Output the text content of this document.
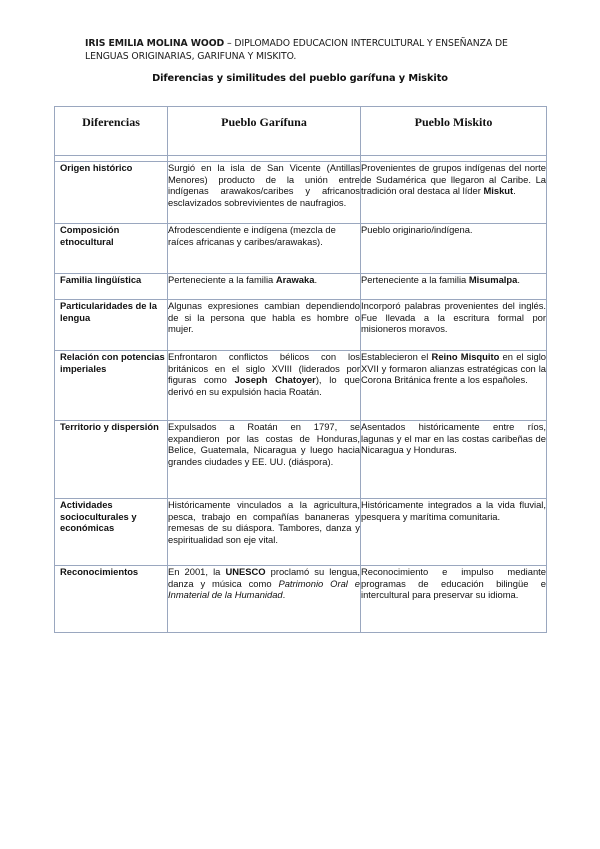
IRIS EMILIA MOLINA WOOD – DIPLOMADO EDUCACION INTERCULTURAL Y ENSEÑANZA DE
LENGUAS ORIGINARIAS, GARIFUNA Y MISKITO.
Diferencias y similitudes del pueblo garífuna y Miskito
Diferencias	Pueblo Garífuna	Pueblo Miskito

Origen histórico	Surgió en la isla de San Vicente (Antillas Menores) producto de la unión entre indígenas arawakos/caribes y africanos esclavizados sobrevivientes de naufragios.	Provenientes de grupos indígenas del norte de Sudamérica que llegaron al Caribe. La tradición oral destaca al líder Miskut.
Composición etnocultural	Afrodescendiente e indígena (mezcla de raíces africanas y caribes/arawakas).	Pueblo originario/indígena.
Familia lingüística	Perteneciente a la familia Arawaka.	Perteneciente a la familia Misumalpa.
Particularidades de la lengua	Algunas expresiones cambian dependiendo de si la persona que habla es hombre o mujer.	Incorporó palabras provenientes del inglés. Fue llevada a la escritura formal por misioneros moravos.
Relación con potencias imperiales	Enfrontaron conflictos bélicos con los británicos en el siglo XVIII (liderados por figuras como Joseph Chatoyer), lo que derivó en su expulsión hacia Roatán.	Establecieron el Reino Misquito en el siglo XVII y formaron alianzas estratégicas con la Corona Británica frente a los españoles.
Territorio y dispersión	Expulsados a Roatán en 1797, se expandieron por las costas de Honduras, Belice, Guatemala, Nicaragua y luego hacia grandes ciudades y EE. UU. (diáspora).	Asentados históricamente entre ríos, lagunas y el mar en las costas caribeñas de Nicaragua y Honduras.
Actividades socioculturales y económicas	Históricamente vinculados a la agricultura, pesca, trabajo en compañías bananeras y remesas de su diáspora. Tambores, danza y espiritualidad son eje vital.	Históricamente integrados a la vida fluvial, pesquera y marítima comunitaria.
Reconocimientos	En 2001, la UNESCO proclamó su lengua, danza y música como Patrimonio Oral e Inmaterial de la Humanidad.	Reconocimiento e impulso mediante programas de educación bilingüe e intercultural para preservar su idioma.
